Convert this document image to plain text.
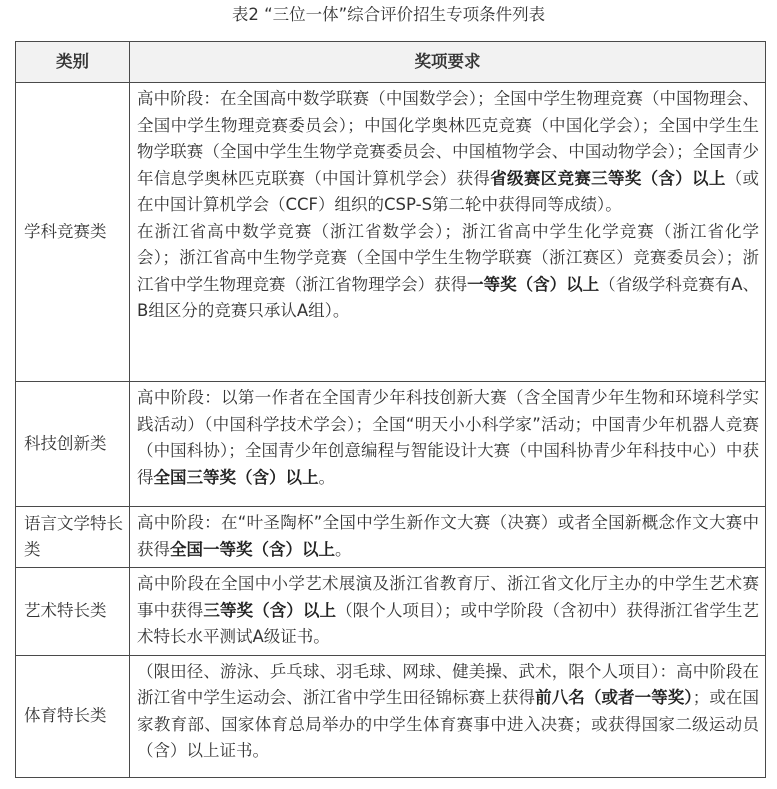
表2 “三位一体”综合评价招生专项条件列表
类别	奖项要求
学科竞赛类	高中阶段：在全国高中数学联赛（中国数学会）；全国中学生物理竞赛（中国物理会、全国中学生物理竞赛委员会）；中国化学奥林匹克竞赛（中国化学会）；全国中学生生物学联赛（全国中学生生物学竞赛委员会、中国植物学会、中国动物学会）；全国青少年信息学奥林匹克联赛（中国计算机学会）获得省级赛区竞赛三等奖（含）以上（或在中国计算机学会（CCF）组织的CSP-S第二轮中获得同等成绩）。

在浙江省高中数学竞赛（浙江省数学会）；浙江省高中学生化学竞赛（浙江省化学会）；浙江省高中生物学竞赛（全国中学生生物学联赛（浙江赛区）竞赛委员会）；浙江省中学生物理竞赛（浙江省物理学会）获得一等奖（含）以上（省级学科竞赛有A、B组区分的竞赛只承认A组）。

科技创新类	高中阶段：以第一作者在全国青少年科技创新大赛（含全国青少年生物和环境科学实践活动）（中国科学技术学会）；全国“明天小小科学家”活动；中国青少年机器人竞赛（中国科协）；全国青少年创意编程与智能设计大赛（中国科协青少年科技中心）中获得全国三等奖（含）以上。

语言文学特长类	高中阶段：在“叶圣陶杯”全国中学生新作文大赛（决赛）或者全国新概念作文大赛中获得全国一等奖（含）以上。

艺术特长类	高中阶段在全国中小学艺术展演及浙江省教育厅、浙江省文化厅主办的中学生艺术赛事中获得三等奖（含）以上（限个人项目）；或中学阶段（含初中）获得浙江省学生艺术特长水平测试A级证书。

体育特长类	（限田径、游泳、乒乓球、羽毛球、网球、健美操、武术，限个人项目）：高中阶段在浙江省中学生运动会、浙江省中学生田径锦标赛上获得前八名（或者一等奖）；或在国家教育部、国家体育总局举办的中学生体育赛事中进入决赛；或获得国家二级运动员（含）以上证书。
